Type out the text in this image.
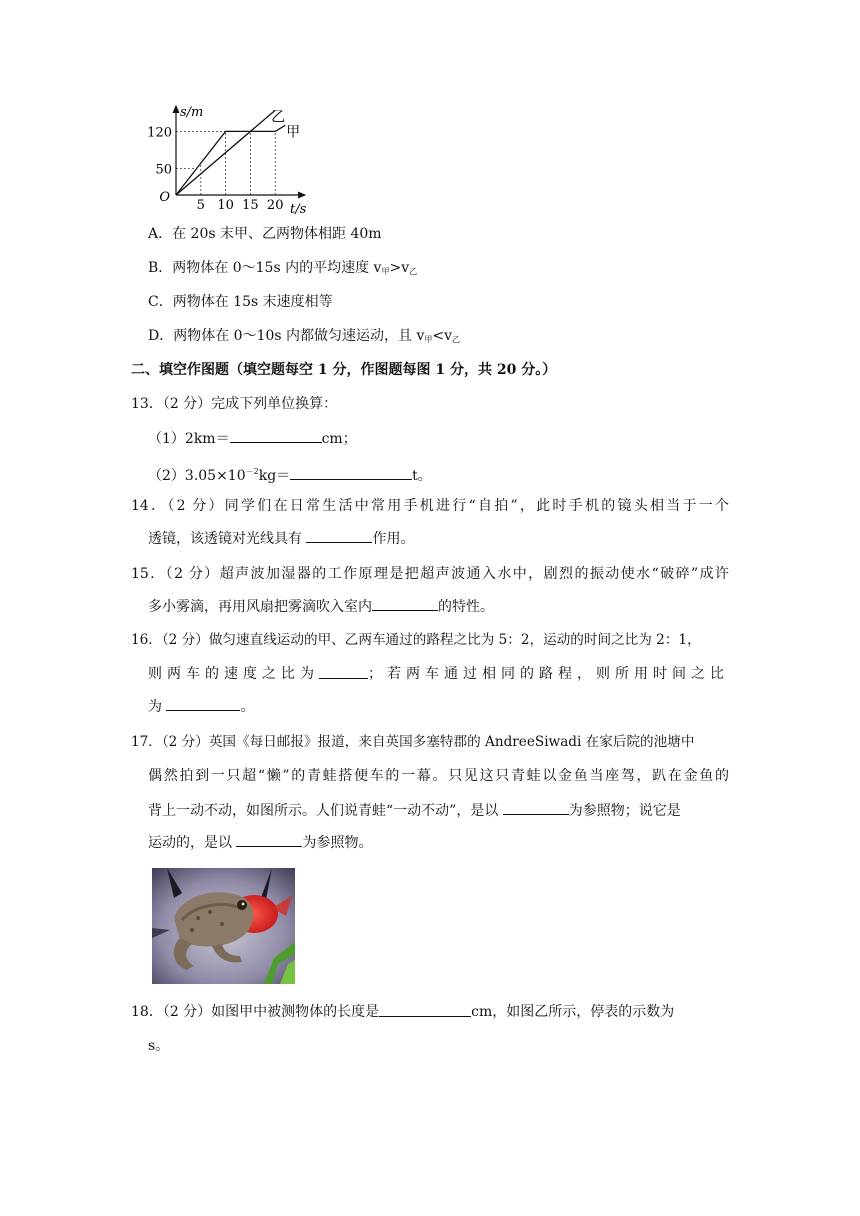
5 10 15 20
50
120
O
s/m
t/s
乙
甲
A．在 20s 末甲、乙两物体相距 40m
B．两物体在 0～15s 内的平均速度 $v_甲>v_乙$
C．两物体在 15s 末速度相等
D．两物体在 0～10s 内都做匀速运动，且 $v_甲<v_乙$
二、填空作图题（填空题每空 1 分，作图题每图 1 分，共 20 分。）
13．（2 分）完成下列单位换算：
（1）2km＝	cm；
$(2)3.05\times 10^{-2}kg=$	t。
14．（2 分）同学们在日常生活中常用手机进行“自拍”，此时手机的镜头相当于一个
透镜，该透镜对光线具有	作用。
15．（2 分）超声波加湿器的工作原理是把超声波通入水中，剧烈的振动使水“破碎”成许
多小雾滴，再用风扇把雾滴吹入室内	的特性。
16．（2 分）做匀速直线运动的甲、乙两车通过的路程之比为 5：2，运动的时间之比为 2：1，
则两车的速度之比为	；若两车通过相同的路程，则所用时间之比
为	。
17．（2 分）英国《每日邮报》报道，来自英国多塞特郡的 AndreeSiwadi 在家后院的池塘中
偶然拍到一只超“懒”的青蛙搭便车的一幕。只见这只青蛙以金鱼当座驾，趴在金鱼的
背上一动不动，如图所示。人们说青蛙“一动不动”，是以	为参照物；说它是
运动的，是以	为参照物。
18．（2 分）如图甲中被测物体的长度是	cm，如图乙所示，停表的示数为
s。
